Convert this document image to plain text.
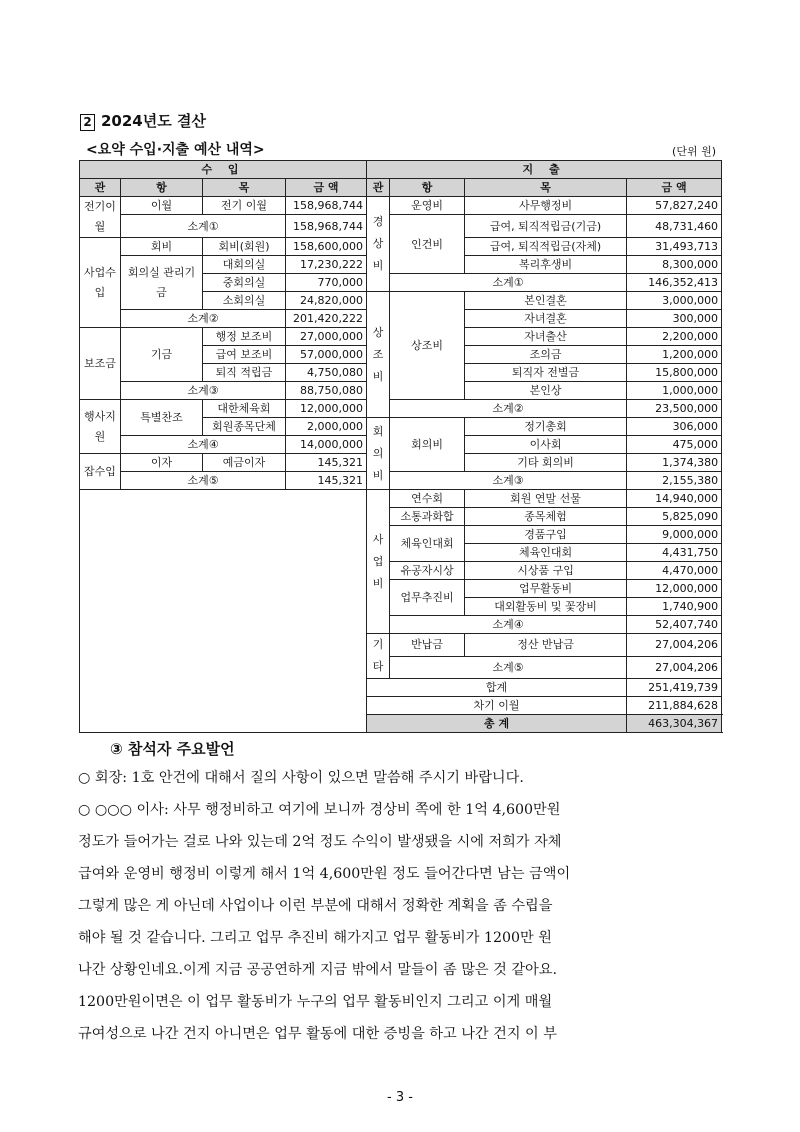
2 2024년도 결산
<요약 수입·지출 예산 내역>	(단위 원)
수 입				지 출				
관	항	목	금 액	관	항	목	금 액	
전기이월	이월	전기 이월	158,968,744	경상비	운영비	사무행정비	57,827,240	
	소계①		158,968,744		인건비	급여, 퇴직적립금(기금)	48,731,460	
사업수입	회비	회비(회원)	158,600,000			급여, 퇴직적립금(자체)	31,493,713	
	회의실 관리기금	대회의실	17,230,222			복리후생비	8,300,000	
		중회의실	770,000		소계①		146,352,413	
		소회의실	24,820,000	상조비	상조비	본인결혼	3,000,000	
	소계②		201,420,222			자녀결혼	300,000	
보조금	기금	행정 보조비	27,000,000			자녀출산	2,200,000	
		급여 보조비	57,000,000			조의금	1,200,000	
		퇴직 적립금	4,750,080			퇴직자 전별금	15,800,000	
	소계③		88,750,080			본인상	1,000,000	
행사지원	특별찬조	대한체육회	12,000,000		소계②		23,500,000	
		회원종목단체	2,000,000	회의비	회의비	정기총회	306,000	
	소계④		14,000,000			이사회	475,000	
잡수입	이자	예금이자	145,321			기타 회의비	1,374,380	
	소계⑤		145,321		소계③		2,155,380	
				사업비	연수회	회원 연말 선물	14,940,000	
					소통과화합	종목체험	5,825,090	
					체육인대회	경품구입	9,000,000	
						체육인대회	4,431,750	
					유공자시상	시상품 구입	4,470,000	
					업무추진비	업무활동비	12,000,000	
						대외활동비 및 꽃장비	1,740,900	
					소계④		52,407,740	
				기타	반납금	정산 반납금	27,004,206	
					소계⑤		27,004,206	
				합계			251,419,739	
				차기 이월			211,884,628	
				총 계			463,304,367		
③ 참석자 주요발언

○ 회장: 1호 안건에 대해서 질의 사항이 있으면 말씀해 주시기 바랍니다.

○ ○○○ 이사: 사무 행정비하고 여기에 보니까 경상비 쪽에 한 1억 4,600만원

정도가 들어가는 걸로 나와 있는데 2억 정도 수익이 발생됐을 시에 저희가 자체

급여와 운영비 행정비 이렇게 해서 1억 4,600만원 정도 들어간다면 남는 금액이

그렇게 많은 게 아닌데 사업이나 이런 부분에 대해서 정확한 계획을 좀 수립을

해야 될 것 같습니다. 그리고 업무 추진비 해가지고 업무 활동비가 1200만 원

나간 상황인네요.이게 지금 공공연하게 지금 밖에서 말들이 좀 많은 것 같아요.

1200만원이면은 이 업무 활동비가 누구의 업무 활동비인지 그리고 이게 매월

규여성으로 나간 건지 아니면은 업무 활동에 대한 증빙을 하고 나간 건지 이 부

- 3 -
